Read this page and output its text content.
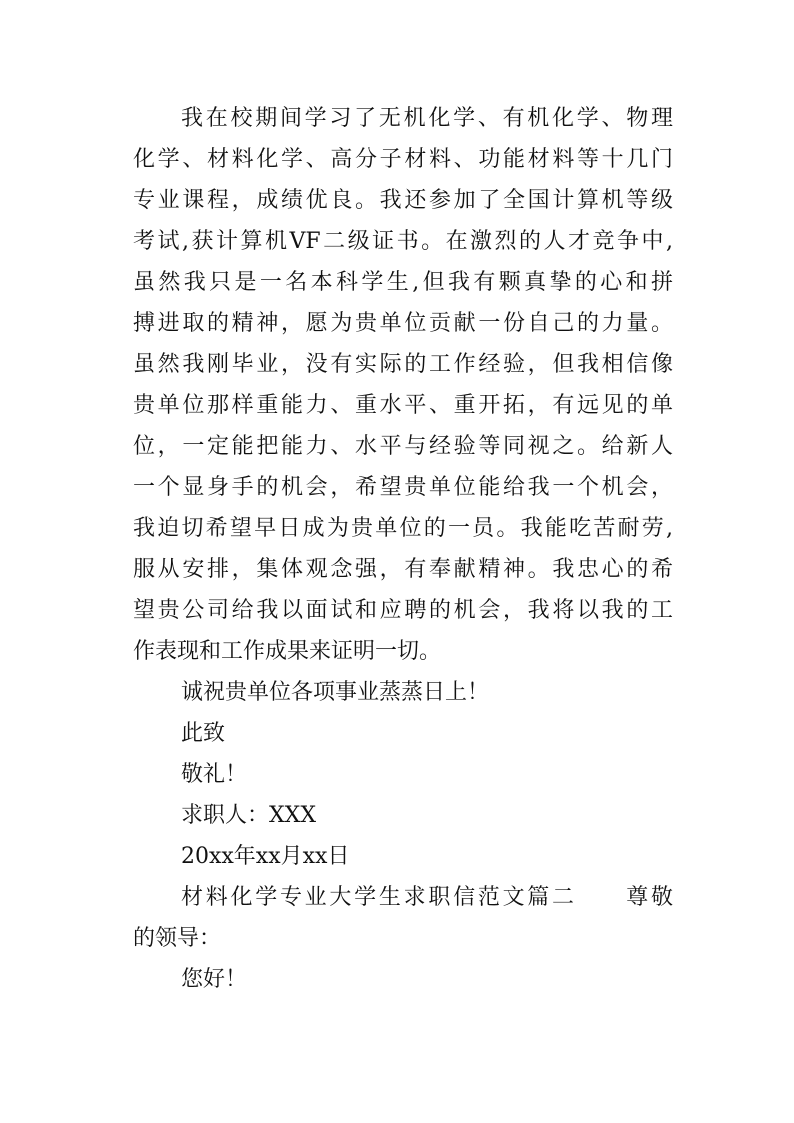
我在校期间学习了无机化学、有机化学、物理
化学、材料化学、高分子材料、功能材料等十几门
专业课程，成绩优良。我还参加了全国计算机等级
考试,获计算机VF二级证书。在激烈的人才竞争中,
虽然我只是一名本科学生,但我有颗真挚的心和拼
搏进取的精神，愿为贵单位贡献一份自己的力量。
虽然我刚毕业，没有实际的工作经验，但我相信像
贵单位那样重能力、重水平、重开拓，有远见的单
位，一定能把能力、水平与经验等同视之。给新人
一个显身手的机会，希望贵单位能给我一个机会，
我迫切希望早日成为贵单位的一员。我能吃苦耐劳,
服从安排，集体观念强，有奉献精神。我忠心的希
望贵公司给我以面试和应聘的机会，我将以我的工
作表现和工作成果来证明一切。
诚祝贵单位各项事业蒸蒸日上！
此致
敬礼！
求职人：XXX
20xx年xx月xx日
材料化学专业大学生求职信范文篇二　　尊敬
的领导：
您好！
